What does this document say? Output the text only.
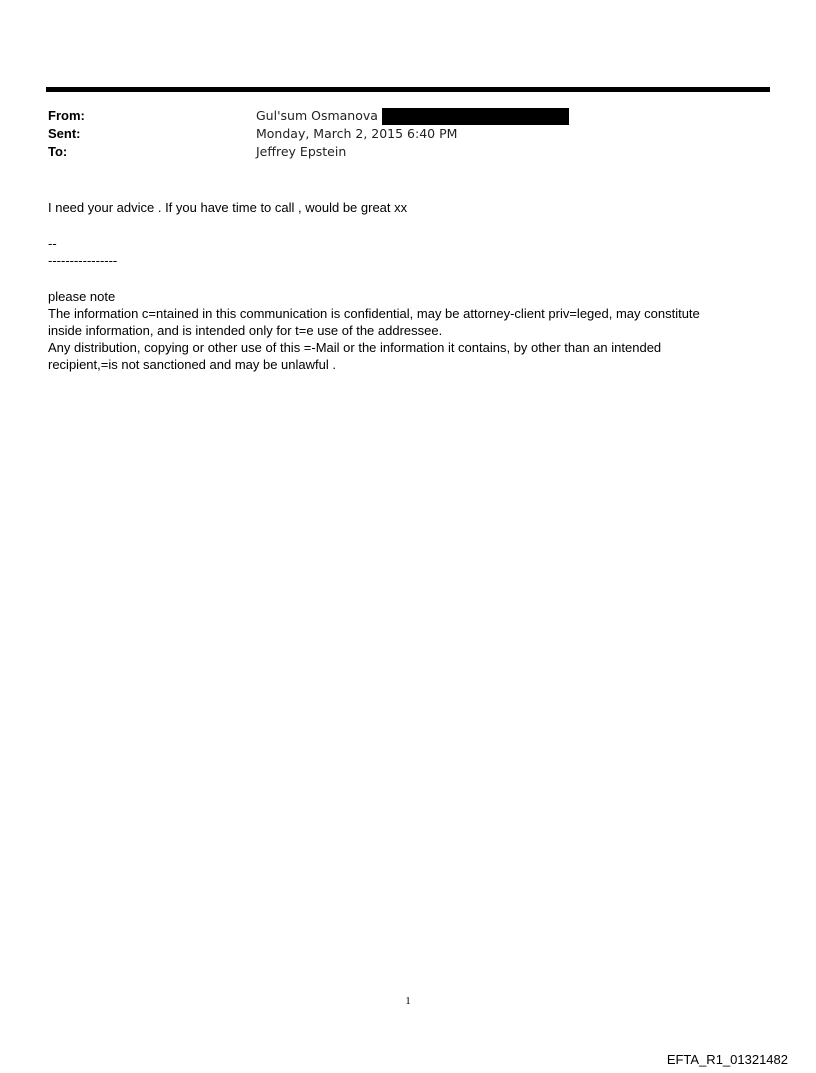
From:	Gul'sum Osmanova
Sent:	Monday, March 2, 2015 6:40 PM
To:	Jeffrey Epstein
I need your advice . If you have time to call , would be great xx
--
----------------
please note
The information c=ntained in this communication is confidential, may be attorney-client priv=leged, may constitute
inside information, and is intended only for t=e use of the addressee.
Any distribution, copying or other use of this =-Mail or the information it contains, by other than an intended
recipient,=is not sanctioned and may be unlawful .
1
EFTA_R1_01321482
